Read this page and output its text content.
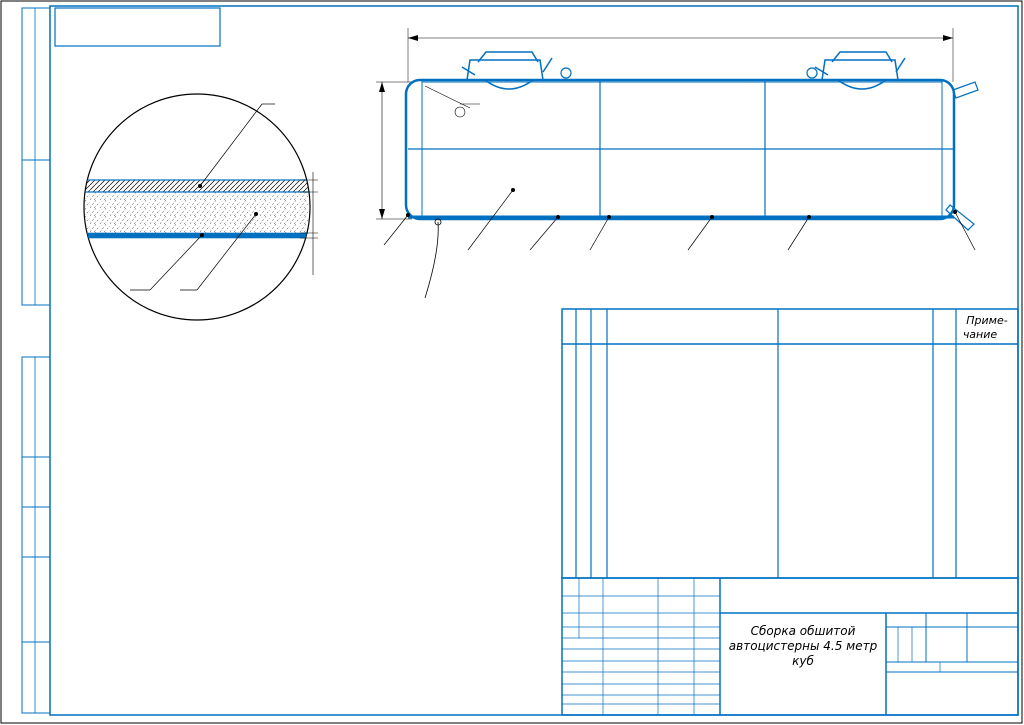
Приме-
чание
Сборка обшитой
автоцистерны 4.5 метр
куб
